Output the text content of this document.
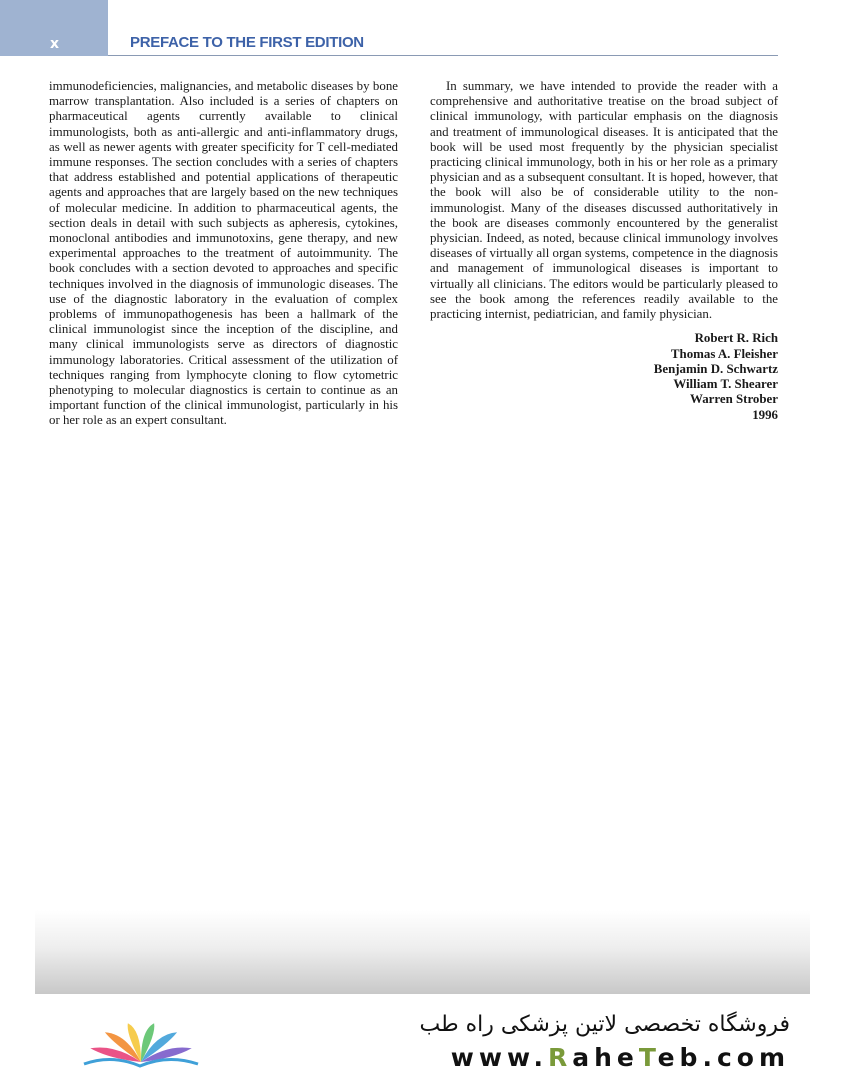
x	PREFACE TO THE FIRST EDITION

immunodeficiencies, malignancies, and metabolic diseases by bone marrow transplantation. Also included is a series of chapters on pharmaceutical agents currently available to clinical immunologists, both as anti-allergic and anti-inflammatory drugs, as well as newer agents with greater specificity for T cell-mediated immune responses. The section concludes with a series of chapters that address established and potential applications of therapeutic agents and approaches that are largely based on the new techniques of molecular medicine. In addition to pharmaceutical agents, the section deals in detail with such subjects as apheresis, cytokines, monoclonal antibodies and immunotoxins, gene therapy, and new experimental approaches to the treatment of autoimmunity. The book concludes with a section devoted to approaches and specific techniques involved in the diagnosis of immunologic diseases. The use of the diagnostic laboratory in the evaluation of complex problems of immunopathogenesis has been a hallmark of the clinical immunologist since the inception of the discipline, and many clinical immunologists serve as directors of diagnostic immunology laboratories. Critical assessment of the utilization of techniques ranging from lymphocyte cloning to flow cytometric phenotyping to molecular diagnostics is certain to continue as an important function of the clinical immunologist, particularly in his or her role as an expert consultant.

In summary, we have intended to provide the reader with a comprehensive and authoritative treatise on the broad subject of clinical immunology, with particular emphasis on the diagnosis and treatment of immunological diseases. It is anticipated that the book will be used most frequently by the physician specialist practicing clinical immunology, both in his or her role as a primary physician and as a subsequent consultant. It is hoped, however, that the book will also be of considerable utility to the non-immunologist. Many of the diseases discussed authoritatively in the book are diseases commonly encountered by the generalist physician. Indeed, as noted, because clinical immunology involves diseases of virtually all organ systems, competence in the diagnosis and management of immunological diseases is important to virtually all clinicians. The editors would be particularly pleased to see the book among the references readily available to the practicing internist, pediatrician, and family physician.

Robert R. Rich
Thomas A. Fleisher
Benjamin D. Schwartz
William T. Shearer
Warren Strober
1996
فروشگاه تخصصی لاتین پزشکی راه طب
www.RaheTeb.com
